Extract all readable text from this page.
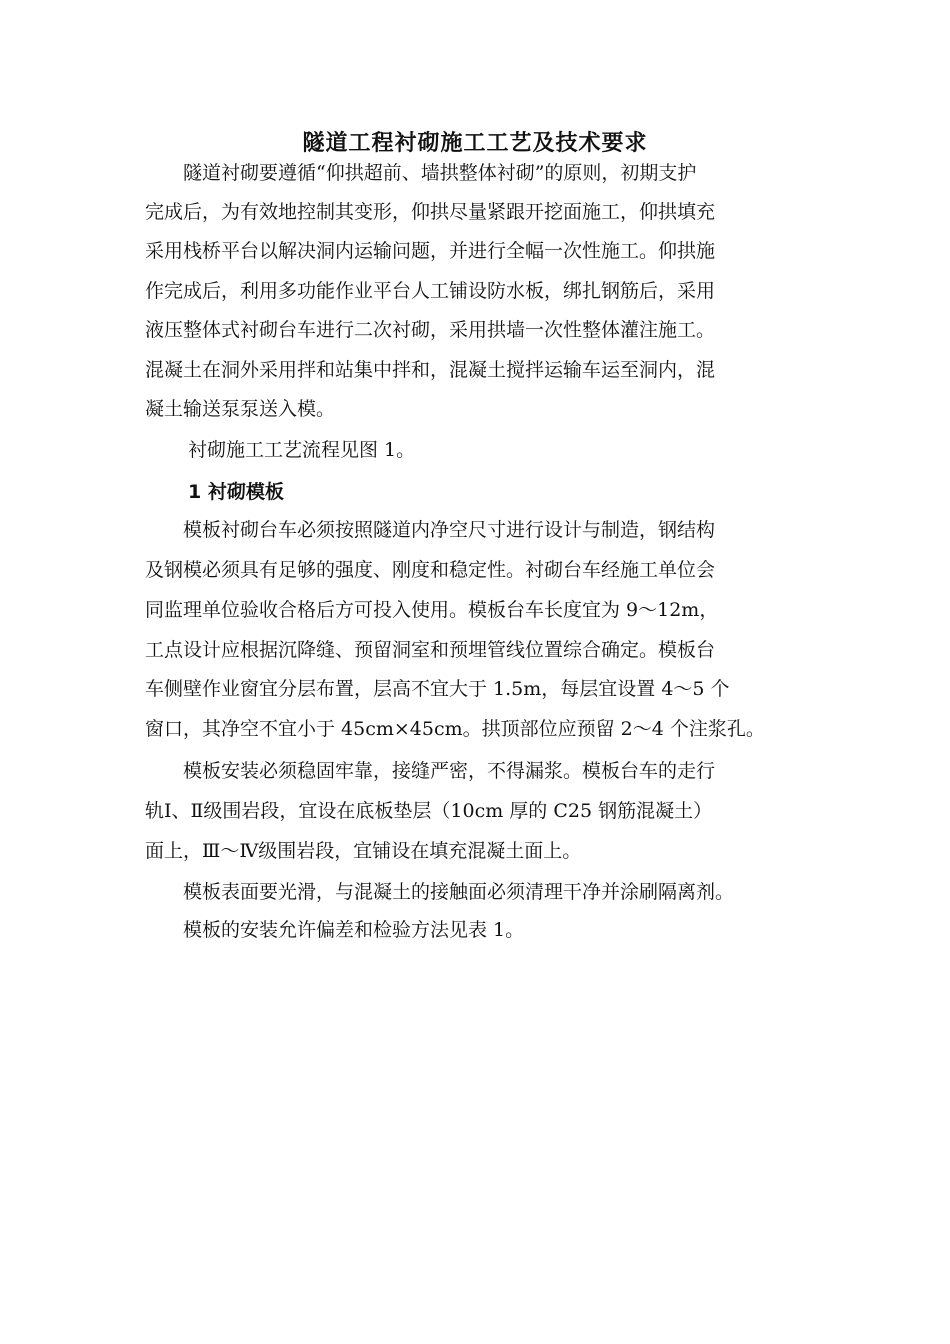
隧道工程衬砌施工工艺及技术要求

隧道衬砌要遵循“仰拱超前、墙拱整体衬砌”的原则，初期支护

完成后，为有效地控制其变形，仰拱尽量紧跟开挖面施工，仰拱填充

采用栈桥平台以解决洞内运输问题，并进行全幅一次性施工。仰拱施

作完成后，利用多功能作业平台人工铺设防水板，绑扎钢筋后，采用

液压整体式衬砌台车进行二次衬砌，采用拱墙一次性整体灌注施工。

混凝土在洞外采用拌和站集中拌和，混凝土搅拌运输车运至洞内，混

凝土输送泵泵送入模。

衬砌施工工艺流程见图 1。

1 衬砌模板

模板衬砌台车必须按照隧道内净空尺寸进行设计与制造，钢结构

及钢模必须具有足够的强度、刚度和稳定性。衬砌台车经施工单位会

同监理单位验收合格后方可投入使用。模板台车长度宜为 9～12m，

工点设计应根据沉降缝、预留洞室和预埋管线位置综合确定。模板台

车侧壁作业窗宜分层布置，层高不宜大于 1.5m，每层宜设置 4～5 个

窗口，其净空不宜小于 45cm×45cm。拱顶部位应预留 2～4 个注浆孔。

模板安装必须稳固牢靠，接缝严密，不得漏浆。模板台车的走行

轨Ⅰ、Ⅱ级围岩段，宜设在底板垫层（10cm 厚的 C25 钢筋混凝土）

面上，Ⅲ～Ⅳ级围岩段，宜铺设在填充混凝土面上。

模板表面要光滑，与混凝土的接触面必须清理干净并涂刷隔离剂。

模板的安装允许偏差和检验方法见表 1。
